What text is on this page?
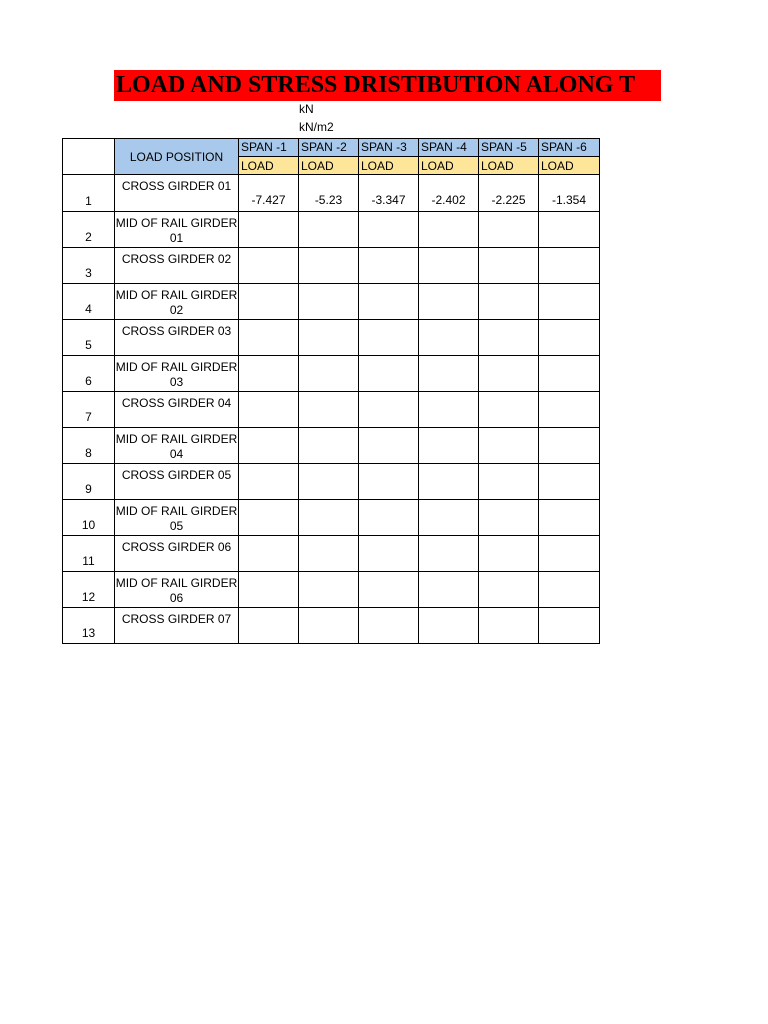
LOAD AND STRESS DRISTIBUTION ALONG T
kN
kN/m2
	LOAD POSITION	SPAN -1	SPAN -2	SPAN -3	SPAN -4	SPAN -5	SPAN -6
		LOAD	LOAD	LOAD	LOAD	LOAD	LOAD
1	CROSS GIRDER 01	-7.427	-5.23	-3.347	-2.402	-2.225	-1.354
2	MID OF RAIL GIRDER 01						
3	CROSS GIRDER 02						
4	MID OF RAIL GIRDER 02						
5	CROSS GIRDER 03						
6	MID OF RAIL GIRDER 03						
7	CROSS GIRDER 04						
8	MID OF RAIL GIRDER 04						
9	CROSS GIRDER 05						
10	MID OF RAIL GIRDER 05						
11	CROSS GIRDER 06						
12	MID OF RAIL GIRDER 06						
13	CROSS GIRDER 07						
